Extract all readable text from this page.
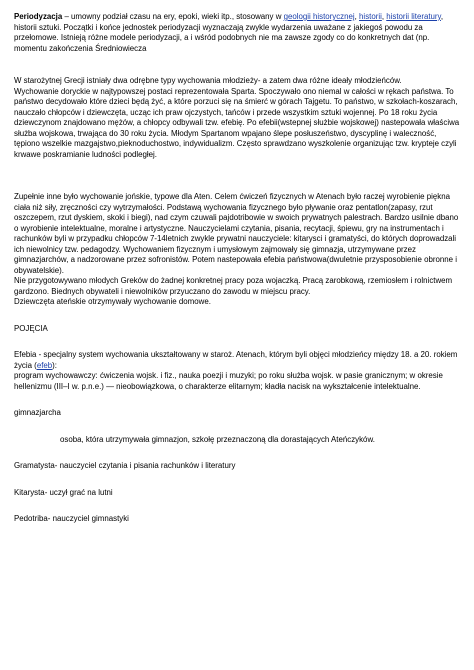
Periodyzacja – umowny podział czasu na ery, epoki, wieki itp., stosowany w geologii historycznej, historii, historii literatury, historii sztuki. Początki i końce jednostek periodyzacji wyznaczają zwykle wydarzenia uważane z jakiegoś powodu za przełomowe. Istnieją różne modele periodyzacji, a i wśród podobnych nie ma zawsze zgody co do konkretnych dat (np. momentu zakończenia Średniowiecza

W starożytnej Grecji istniały dwa odrębne typy wychowania młodzieży- a zatem dwa różne ideały młodzieńców.

Wychowanie doryckie w najtypowszej postaci reprezentowała Sparta. Spoczywało ono niemal w całości w rękach państwa. To państwo decydowało które dzieci będą żyć, a które porzuci się na śmierć w górach Tajgetu. To państwo, w szkołach-koszarach, nauczało chłopców i dziewczęta, ucząc ich praw ojczystych, tańców i przede wszystkim sztuki wojennej. Po 18 roku życia dziewczynom znajdowano mężów, a chłopcy odbywali tzw. efebię. Po efebii(wstepnej służbie wojskowej) nastepowała właściwa służba wojskowa, trwająca do 30 roku życia. Młodym Spartanom wpajano ślepe posłuszeństwo, dyscyplinę i waleczność, tępiono wszelkie mazgajstwo,pieknoduchostwo, indywidualizm. Często sprawdzano wyszkolenie organizując tzw. krypteje czyli krwawe poskramianie ludności podległej.

Zupełnie inne było wychowanie jońskie, typowe dla Aten. Celem ćwiczeń fizycznych w Atenach było raczej wyrobienie piękna ciała niż siły, zręczności czy wytrzymałości. Podstawą wychowania fizycznego było pływanie oraz pentatlon(zapasy, rzut oszczepem, rzut dyskiem, skoki i biegi), nad czym czuwali pajdotribowie w swoich prywatnych palestrach. Bardzo usilnie dbano o wyrobienie intelektualne, moralne i artystyczne. Nauczycielami czytania, pisania, recytacji, śpiewu, gry na instrumentach i rachunków byli w przypadku chłopców 7-14letnich zwykle prywatni nauczyciele: kitarysci i gramatyści, do których doprowadzali ich niewolnicy tzw. pedagodzy. Wychowaniem fizycznym i umysłowym zajmowały się gimnazja, utrzymywane przez gimnazjarchów, a nadzorowane przez sofronistów. Potem nastepowała efebia państwowa(dwuletnie przysposobienie obronne i obywatelskie).

Nie przygotowywano młodych Greków do żadnej konkretnej pracy poza wojaczką. Pracą zarobkową, rzemiosłem i rolnictwem gardzono. Biednych obywateli i niewolników przyuczano do zawodu w miejscu pracy.

Dziewczęta ateńskie otrzymywały wychowanie domowe.

POJĘCIA

Efebia - specjalny system wychowania ukształtowany w staroż. Atenach, którym byli objęci młodzieńcy między 18. a 20. rokiem życia (efeb):

program wychowawczy: ćwiczenia wojsk. i fiz., nauka poezji i muzyki; po roku służba wojsk. w pasie granicznym; w okresie hellenizmu (III–I w. p.n.e.) — nieobowiązkowa, o charakterze elitarnym; kładła nacisk na wykształcenie intelektualne.

gimnazjarcha

osoba, która utrzymywała gimnazjon, szkołę przeznaczoną dla dorastających Ateńczyków.

Gramatysta- nauczyciel czytania i pisania rachunków i literatury

Kitarysta- uczył grać na lutni

Pedotriba- nauczyciel gimnastyki
